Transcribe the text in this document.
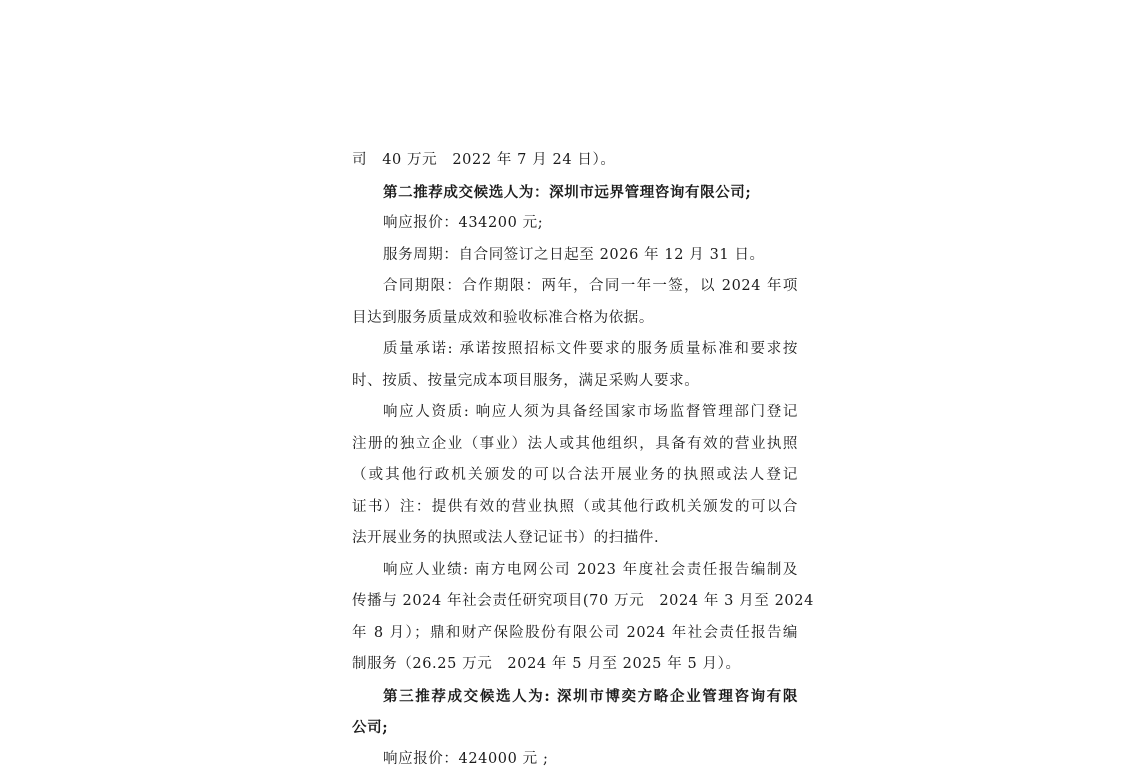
司　40 万元　2022 年 7 月 24 日）。
第二推荐成交候选人为：深圳市远界管理咨询有限公司;
响应报价：434200 元;
服务周期：自合同签订之日起至 2026 年 12 月 31 日。
合同期限：合作期限：两年，合同一年一签，以 2024 年项
目达到服务质量成效和验收标准合格为依据。
质量承诺: 承诺按照招标文件要求的服务质量标准和要求按
时、按质、按量完成本项目服务，满足采购人要求。
响应人资质: 响应人须为具备经国家市场监督管理部门登记
注册的独立企业（事业）法人或其他组织，具备有效的营业执照
（或其他行政机关颁发的可以合法开展业务的执照或法人登记
证书）注：提供有效的营业执照（或其他行政机关颁发的可以合
法开展业务的执照或法人登记证书）的扫描件.
响应人业绩: 南方电网公司 2023 年度社会责任报告编制及
传播与 2024 年社会责任研究项目(70 万元　2024 年 3 月至 2024
年 8 月）；鼎和财产保险股份有限公司 2024 年社会责任报告编
制服务（26.25 万元　2024 年 5 月至 2025 年 5 月）。
第三推荐成交候选人为: 深圳市博奕方略企业管理咨询有限
公司;
响应报价：424000 元 ;
